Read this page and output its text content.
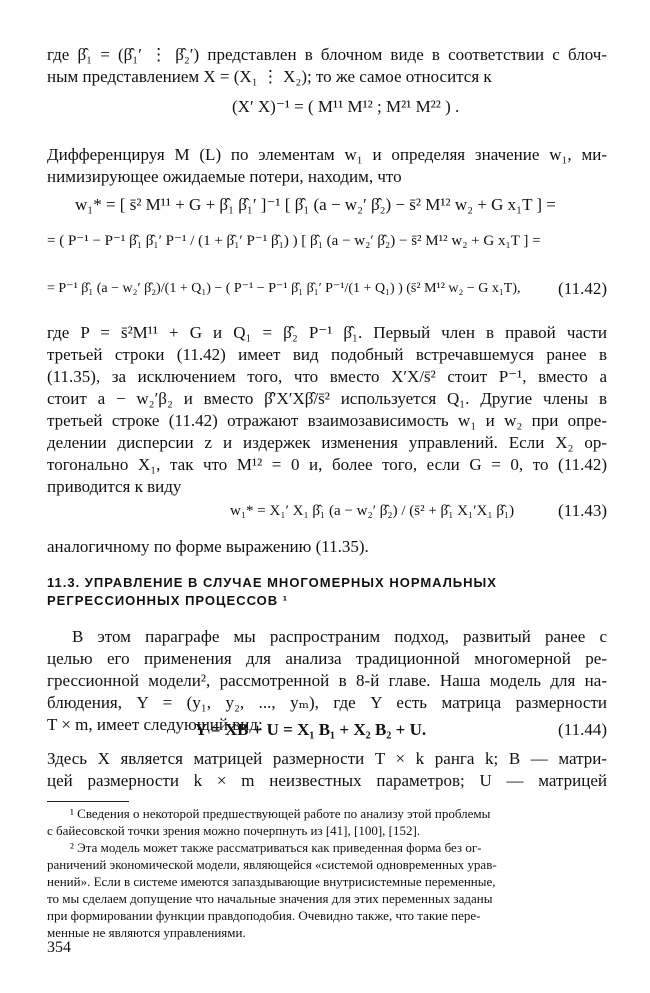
где β̂₁ = (β̂₁′ ⋮ β̂₂′) представлен в блочном виде в соответствии с блоч-
ным представлением X = (X₁ ⋮ X₂); то же самое относится к
(X′ X)⁻¹ = ( M¹¹ M¹² ; M²¹ M²² ) .
Дифференцируя M (L) по элементам w₁ и определяя значение w₁, ми-
нимизирующее ожидаемые потери, находим, что
w₁* = [ s̄² M¹¹ + G + β̂₁ β̂₁′ ]⁻¹ [ β̂₁ (a − w₂′ β̂₂) − s̄² M¹² w₂ + G x₁T ] =
= ( P⁻¹ − P⁻¹ β̂₁ β̂₁′ P⁻¹ / (1 + β̂₁′ P⁻¹ β̂₁) ) [ β̂₁ (a − w₂′ β̂₂) − s̄² M¹² w₂ + G x₁T ] =
= P⁻¹ β̂₁ (a − w₂′ β̂₂)/(1 + Q₁) − ( P⁻¹ − P⁻¹ β̂₁ β̂₁′ P⁻¹/(1 + Q₁) ) (s̄² M¹² w₂ − G x₁T), (11.42)
где P = s̄²M¹¹ + G и Q₁ = β̂₂ P⁻¹ β̂₁. Первый член в правой части
третьей строки (11.42) имеет вид подобный встречавшемуся ранее в
(11.35), за исключением того, что вместо X′X/s̄² стоит P⁻¹, вместо a
стоит a − w₂′β₂ и вместо β̂′X′Xβ̂/s̄² используется Q₁. Другие члены в
третьей строке (11.42) отражают взаимозависимость w₁ и w₂ при опре-
делении дисперсии z и издержек изменения управлений. Если X₂ ор-
тогонально X₁, так что M¹² = 0 и, более того, если G = 0, то (11.42)
приводится к виду
w₁* = X₁′ X₁ β̂₁ (a − w₂′ β̂₂) / (s̄² + β̂₁ X₁′X₁ β̂₁)	(11.43)
аналогичному по форме выражению (11.35).
11.3. УПРАВЛЕНИЕ В СЛУЧАЕ МНОГОМЕРНЫХ НОРМАЛЬНЫХ
РЕГРЕССИОННЫХ ПРОЦЕССОВ ¹
В этом параграфе мы распространим подход, развитый ранее с
целью его применения для анализа традиционной многомерной ре-
грессионной модели², рассмотренной в 8-й главе. Наша модель для на-
блюдения, Y = (y₁, y₂, ..., yₘ), где Y есть матрица размерности
T × m, имеет следующий вид:
Y = XB + U = X₁ B₁ + X₂ B₂ + U.	(11.44)
Здесь X является матрицей размерности T × k ранга k; B — матри-
цей размерности k × m неизвестных параметров; U — матрицей
¹ Сведения о некоторой предшествующей работе по анализу этой проблемы
с байесовской точки зрения можно почерпнуть из [41], [100], [152].
² Эта модель может также рассматриваться как приведенная форма без ог-
раничений экономической модели, являющейся «системой одновременных урав-
нений». Если в системе имеются запаздывающие внутрисистемные переменные,
то мы сделаем допущение что начальные значения для этих переменных заданы
при формировании функции правдоподобия. Очевидно также, что такие пере-
менные не являются управлениями.
354
